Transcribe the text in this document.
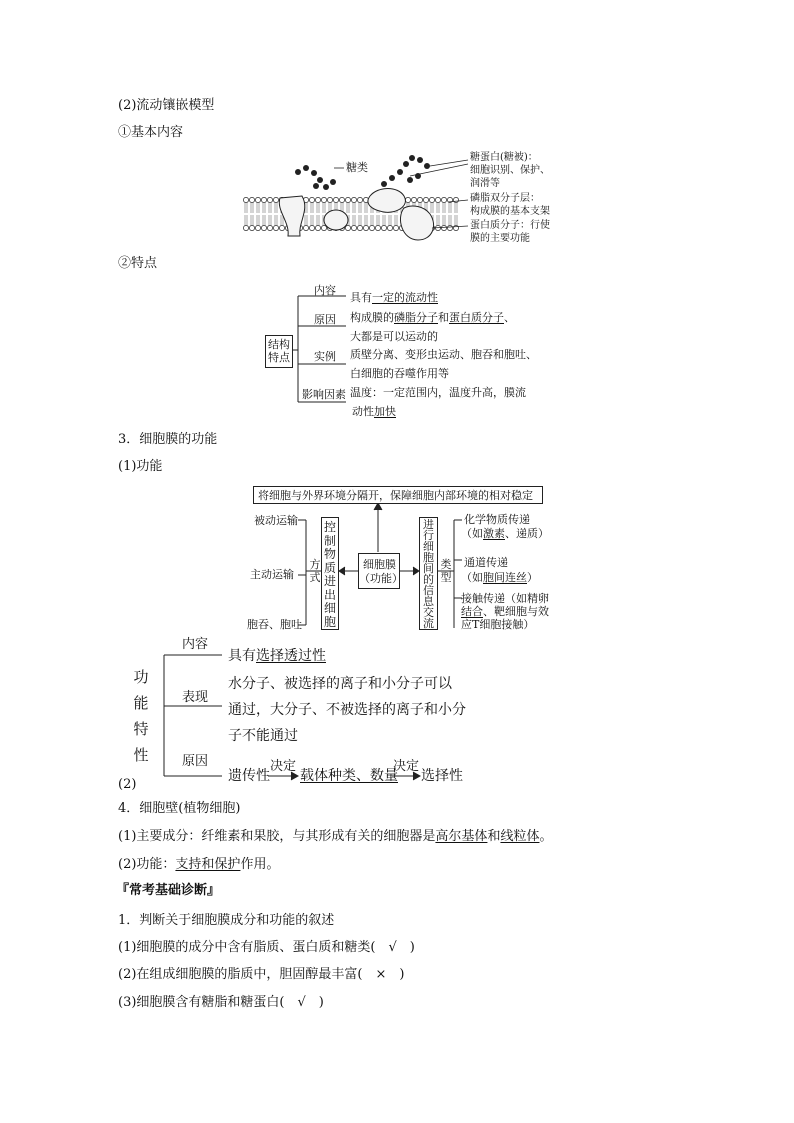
(2)流动镶嵌模型
①基本内容
糖类
糖蛋白(糖被)：
细胞识别、保护、
润滑等
磷脂双分子层：
构成膜的基本支架
蛋白质分子：行使
膜的主要功能
②特点
结构
特点
内容
具有一定的流动性
原因 构成膜的磷脂分子和蛋白质分子、
大都是可以运动的
实例 质壁分离、变形虫运动、胞吞和胞吐、
白细胞的吞噬作用等
影响因素 温度：一定范围内，温度升高，膜流
动性加快
3．细胞膜的功能
(1)功能
将细胞与外界环境分隔开，保障细胞内部环境的相对稳定
被动运输
主动运输
胞吞、胞吐
方
式
控
制
物
质
进
出
细
胞
细胞膜
（功能）
进
行
细
胞
间
的
信
息
交
流
类
型
化学物质传递
（如激素、递质）
通道传递
（如胞间连丝）
接触传递（如精卵
结合、靶细胞与效
应T细胞接触）
功
能
特
性
内容
具有选择透过性
表现
水分子、被选择的离子和小分子可以
通过，大分子、不被选择的离子和小分
子不能通过
原因
遗传性
决定
载体种类、数量
决定
选择性
(2)
4．细胞壁(植物细胞)
(1)主要成分：纤维素和果胶，与其形成有关的细胞器是高尔基体和线粒体。
(2)功能：支持和保护作用。
『常考基础诊断』
1．判断关于细胞膜成分和功能的叙述
(1)细胞膜的成分中含有脂质、蛋白质和糖类(　√　)
(2)在组成细胞膜的脂质中，胆固醇最丰富(　×　)
(3)细胞膜含有糖脂和糖蛋白(　√　)
